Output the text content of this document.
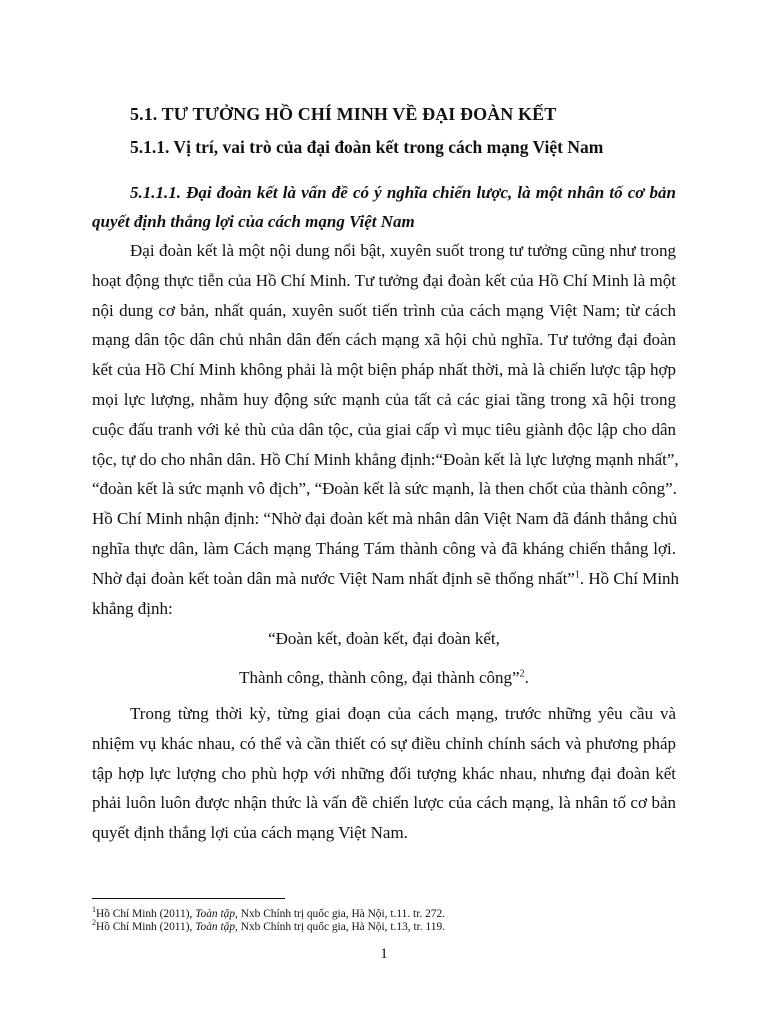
5.1. TƯ TƯỞNG HỒ CHÍ MINH VỀ ĐẠI ĐOÀN KẾT
5.1.1. Vị trí, vai trò của đại đoàn kết trong cách mạng Việt Nam
5.1.1.1. Đại đoàn kết là vấn đề có ý nghĩa chiến lược, là một nhân tố cơ bản
quyết định thắng lợi của cách mạng Việt Nam
Đại đoàn kết là một nội dung nổi bật, xuyên suốt trong tư tưởng cũng như trong
hoạt động thực tiễn của Hồ Chí Minh. Tư tưởng đại đoàn kết của Hồ Chí Minh là một
nội dung cơ bản, nhất quán, xuyên suốt tiến trình của cách mạng Việt Nam; từ cách
mạng dân tộc dân chủ nhân dân đến cách mạng xã hội chủ nghĩa. Tư tưởng đại đoàn
kết của Hồ Chí Minh không phải là một biện pháp nhất thời, mà là chiến lược tập hợp
mọi lực lượng, nhằm huy động sức mạnh của tất cả các giai tầng trong xã hội trong
cuộc đấu tranh với kẻ thù của dân tộc, của giai cấp vì mục tiêu giành độc lập cho dân
tộc, tự do cho nhân dân. Hồ Chí Minh khẳng định:“Đoàn kết là lực lượng mạnh nhất”,
“đoàn kết là sức mạnh vô địch”, “Đoàn kết là sức mạnh, là then chốt của thành công”.
Hồ Chí Minh nhận định: “Nhờ đại đoàn kết mà nhân dân Việt Nam đã đánh thắng chủ
nghĩa thực dân, làm Cách mạng Tháng Tám thành công và đã kháng chiến thắng lợi.
Nhờ đại đoàn kết toàn dân mà nước Việt Nam nhất định sẽ thống nhất”$^1$. Hồ Chí Minh
khẳng định:
“Đoàn kết, đoàn kết, đại đoàn kết,
Thành công, thành công, đại thành công”$^2$.
Trong từng thời kỳ, từng giai đoạn của cách mạng, trước những yêu cầu và
nhiệm vụ khác nhau, có thể và cần thiết có sự điều chỉnh chính sách và phương pháp
tập hợp lực lượng cho phù hợp với những đối tượng khác nhau, nhưng đại đoàn kết
phải luôn luôn được nhận thức là vấn đề chiến lược của cách mạng, là nhân tố cơ bản
quyết định thắng lợi của cách mạng Việt Nam.
$^1$Hồ Chí Minh (2011), Toàn tập, Nxb Chính trị quốc gia, Hà Nội, t.11. tr. 272.
$^2$Hồ Chí Minh (2011), Toàn tập, Nxb Chính trị quốc gia, Hà Nội, t.13, tr. 119.
1
